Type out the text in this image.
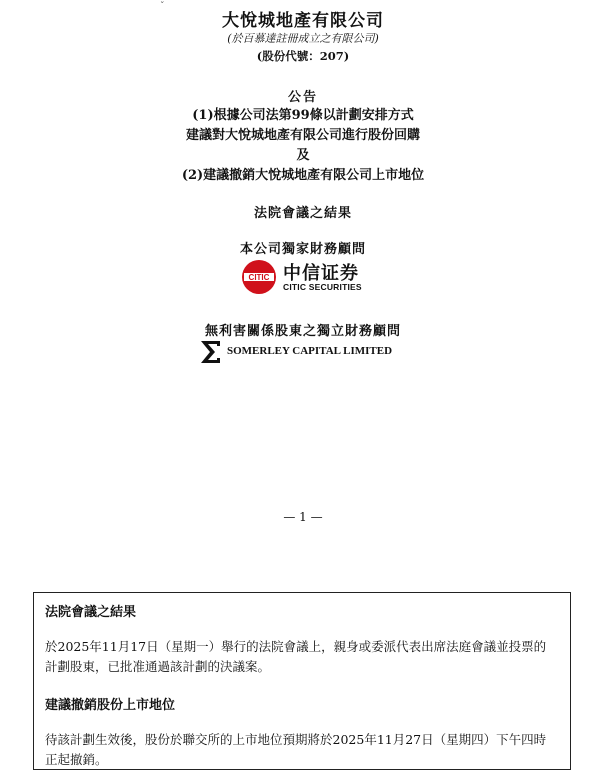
ˇ
大悅城地產有限公司
(於百慕達註冊成立之有限公司)
(股份代號：207)
公告
(1)根據公司法第99條以計劃安排方式
建議對大悅城地產有限公司進行股份回購
及
(2)建議撤銷大悅城地產有限公司上市地位
法院會議之結果
本公司獨家財務顧問
CITIC 中信证券
CITIC SECURITIES
無利害關係股東之獨立財務顧問
SOMERLEY CAPITAL LIMITED
— 1 —
法院會議之結果
於2025年11月17日（星期一）舉行的法院會議上，親身或委派代表出席法庭會議並投票的
計劃股東，已批准通過該計劃的決議案。
建議撤銷股份上市地位
待該計劃生效後，股份於聯交所的上市地位預期將於2025年11月27日（星期四）下午四時
正起撤銷。
